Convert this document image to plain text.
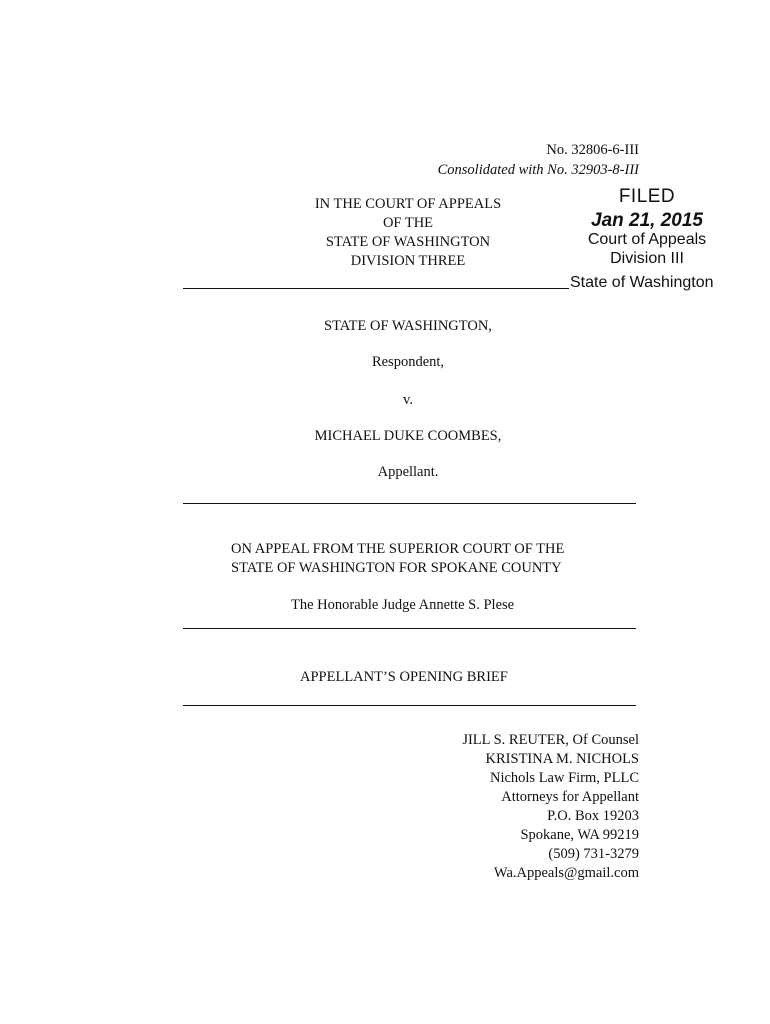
No. 32806-6-III
Consolidated with No. 32903-8-III
IN THE COURT OF APPEALS
OF THE
STATE OF WASHINGTON
DIVISION THREE
FILED
Jan 21, 2015
Court of Appeals
Division III
State of Washington
STATE OF WASHINGTON,
Respondent,
v.
MICHAEL DUKE COOMBES,
Appellant.
ON APPEAL FROM THE SUPERIOR COURT OF THE
STATE OF WASHINGTON FOR SPOKANE COUNTY
The Honorable Judge Annette S. Plese
APPELLANT’S OPENING BRIEF
JILL S. REUTER, Of Counsel
KRISTINA M. NICHOLS
Nichols Law Firm, PLLC
Attorneys for Appellant
P.O. Box 19203
Spokane, WA 99219
(509) 731-3279
Wa.Appeals@gmail.com
